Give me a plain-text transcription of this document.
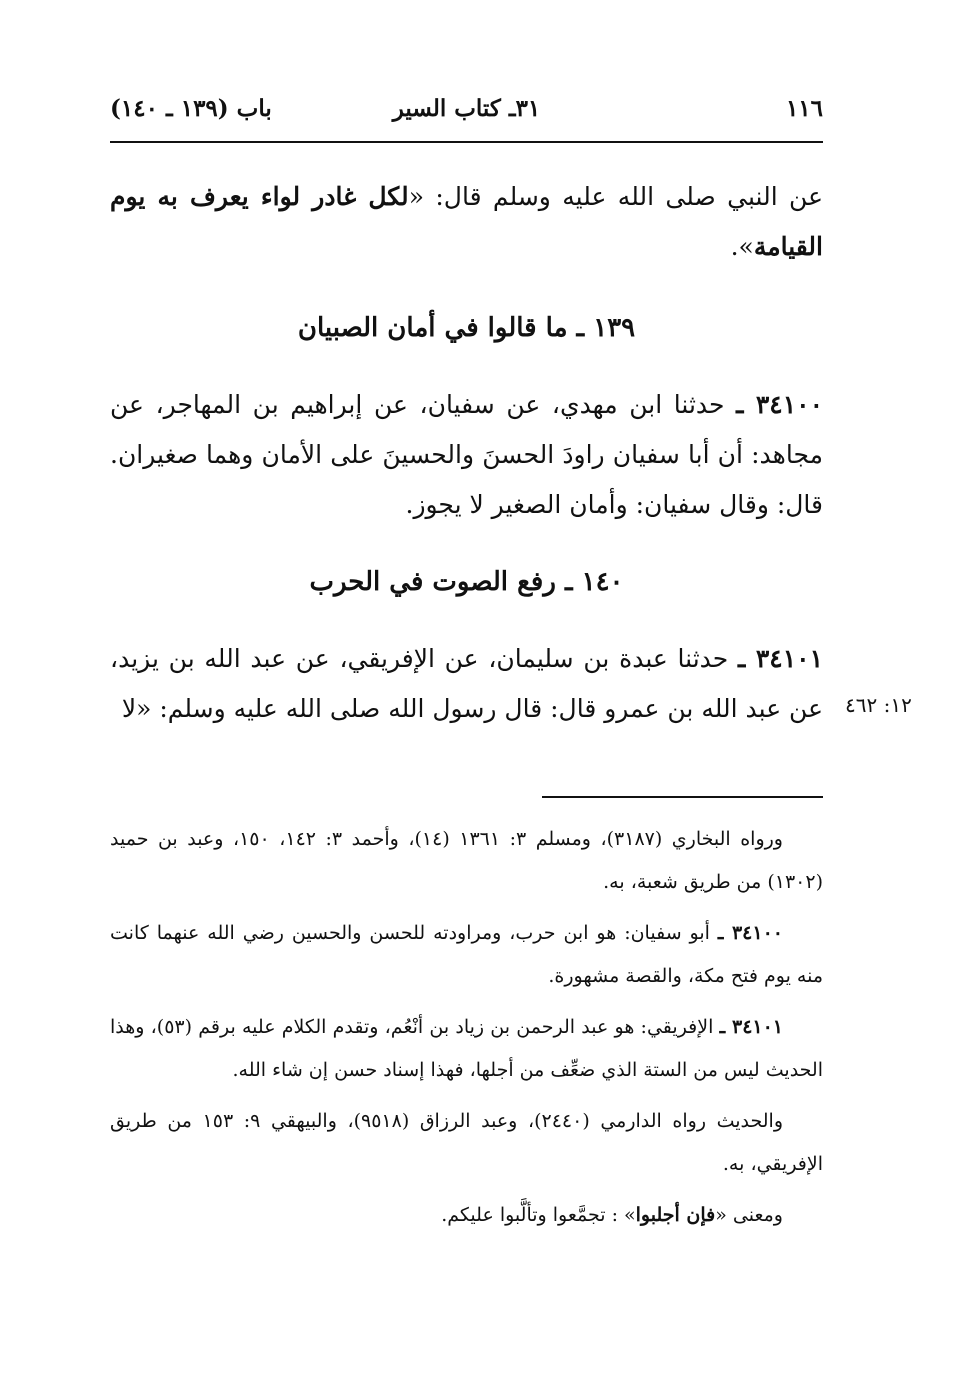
١١٦
٣١ـ كتاب السير
باب (١٣٩ ـ ١٤٠)
عن النبي صلى الله عليه وسلم قال: «لكل غادر لواء يعرف به يوم القيامة».
١٣٩ ـ ما قالوا في أمان الصبيان
٣٤١٠٠ ـ حدثنا ابن مهدي، عن سفيان، عن إبراهيم بن المهاجر، عن مجاهد: أن أبا سفيان راودَ الحسنَ والحسينَ على الأمان وهما صغيران. قال: وقال سفيان: وأمان الصغير لا يجوز.
١٤٠ ـ رفع الصوت في الحرب
٣٤١٠١ ـ حدثنا عبدة بن سليمان، عن الإفريقي، عن عبد الله بن يزيد، عن عبد الله بن عمرو قال: قال رسول الله صلى الله عليه وسلم: «لا ١٢: ٤٦٢

ورواه البخاري (٣١٨٧)، ومسلم ٣: ١٣٦١ (١٤)، وأحمد ٣: ١٤٢، ١٥٠، وعبد بن حميد (١٣٠٢) من طريق شعبة، به.

٣٤١٠٠ ـ أبو سفيان: هو ابن حرب، ومراودته للحسن والحسين رضي الله عنهما كانت منه يوم فتح مكة، والقصة مشهورة.

٣٤١٠١ ـ الإفريقي: هو عبد الرحمن بن زياد بن أنْعُم، وتقدم الكلام عليه برقم (٥٣)، وهذا الحديث ليس من الستة الذي ضعِّف من أجلها، فهذا إسناد حسن إن شاء الله.

والحديث رواه الدارمي (٢٤٤٠)، وعبد الرزاق (٩٥١٨)، والبيهقي ٩: ١٥٣ من طريق الإفريقي، به.

ومعنى «فإن أجلبوا» : تجمَّعوا وتألَّبوا عليكم.
